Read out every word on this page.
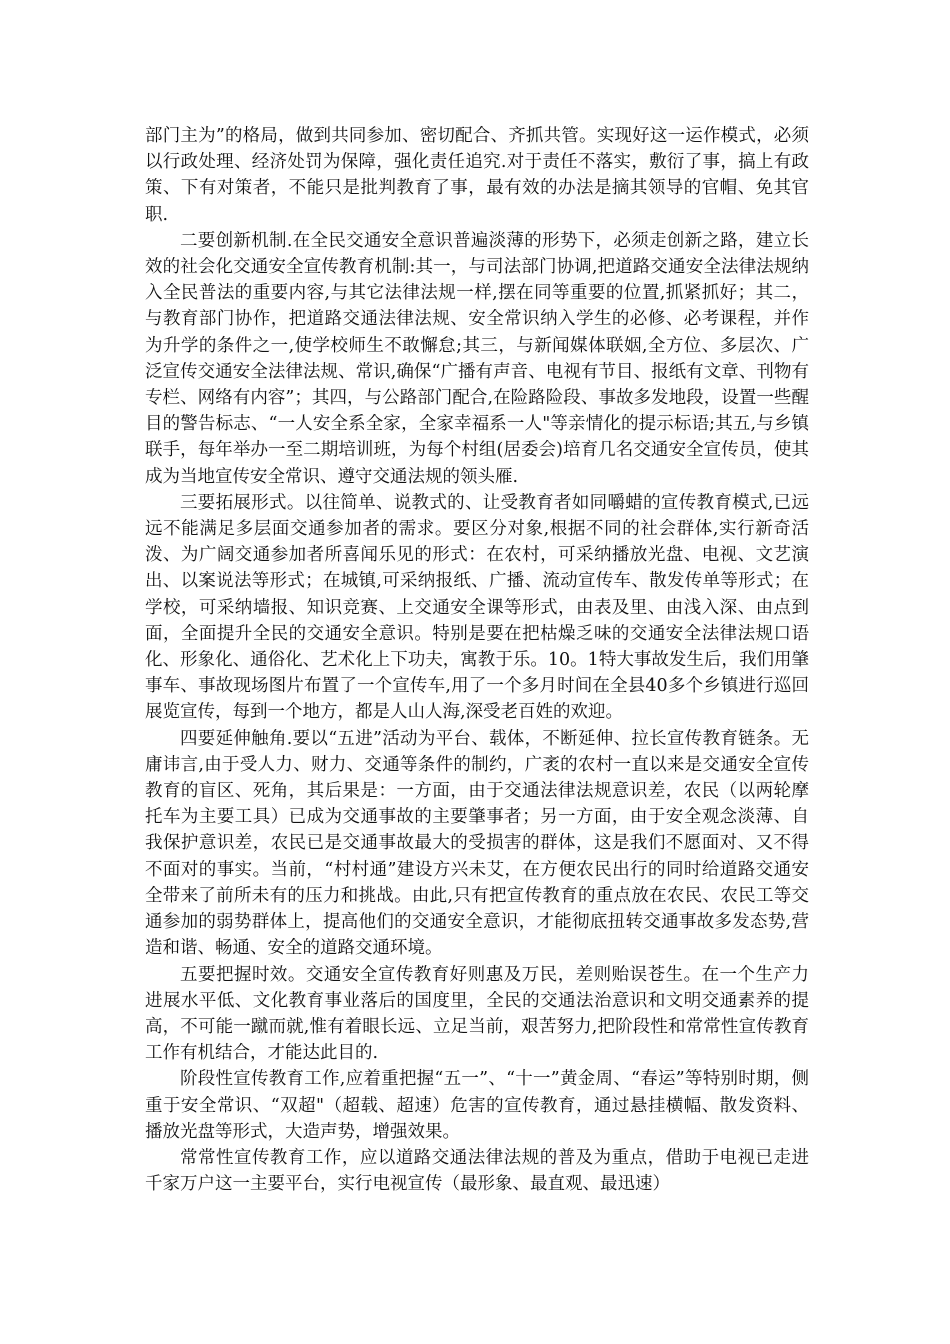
部门主为”的格局，做到共同参加、密切配合、齐抓共管。实现好这一运作模式，必须以行政处理、经济处罚为保障，强化责任追究.对于责任不落实，敷衍了事，搞上有政策、下有对策者，不能只是批判教育了事，最有效的办法是摘其领导的官帽、免其官职.

二要创新机制.在全民交通安全意识普遍淡薄的形势下，必须走创新之路，建立长效的社会化交通安全宣传教育机制:其一，与司法部门协调,把道路交通安全法律法规纳入全民普法的重要内容,与其它法律法规一样,摆在同等重要的位置,抓紧抓好；其二，与教育部门协作，把道路交通法律法规、安全常识纳入学生的必修、必考课程，并作为升学的条件之一,使学校师生不敢懈怠;其三，与新闻媒体联姻,全方位、多层次、广泛宣传交通安全法律法规、常识,确保“广播有声音、电视有节目、报纸有文章、刊物有专栏、网络有内容”；其四，与公路部门配合,在险路险段、事故多发地段，设置一些醒目的警告标志、“一人安全系全家，全家幸福系一人"等亲情化的提示标语;其五,与乡镇联手，每年举办一至二期培训班，为每个村组(居委会)培育几名交通安全宣传员，使其成为当地宣传安全常识、遵守交通法规的领头雁.

三要拓展形式。以往简单、说教式的、让受教育者如同嚼蜡的宣传教育模式,已远远不能满足多层面交通参加者的需求。要区分对象,根据不同的社会群体,实行新奇活泼、为广阔交通参加者所喜闻乐见的形式：在农村，可采纳播放光盘、电视、文艺演出、以案说法等形式；在城镇,可采纳报纸、广播、流动宣传车、散发传单等形式；在学校，可采纳墙报、知识竞赛、上交通安全课等形式，由表及里、由浅入深、由点到面，全面提升全民的交通安全意识。特别是要在把枯燥乏味的交通安全法律法规口语化、形象化、通俗化、艺术化上下功夫，寓教于乐。10。1特大事故发生后，我们用肇事车、事故现场图片布置了一个宣传车,用了一个多月时间在全县40多个乡镇进行巡回展览宣传，每到一个地方，都是人山人海,深受老百姓的欢迎。

四要延伸触角.要以“五进”活动为平台、载体，不断延伸、拉长宣传教育链条。无庸讳言,由于受人力、财力、交通等条件的制约，广袤的农村一直以来是交通安全宣传教育的盲区、死角，其后果是：一方面，由于交通法律法规意识差，农民（以两轮摩托车为主要工具）已成为交通事故的主要肇事者；另一方面，由于安全观念淡薄、自我保护意识差，农民已是交通事故最大的受损害的群体，这是我们不愿面对、又不得不面对的事实。当前，“村村通”建设方兴未艾，在方便农民出行的同时给道路交通安全带来了前所未有的压力和挑战。由此,只有把宣传教育的重点放在农民、农民工等交通参加的弱势群体上，提高他们的交通安全意识，才能彻底扭转交通事故多发态势,营造和谐、畅通、安全的道路交通环境。

五要把握时效。交通安全宣传教育好则惠及万民，差则贻误苍生。在一个生产力进展水平低、文化教育事业落后的国度里，全民的交通法治意识和文明交通素养的提高，不可能一蹴而就,惟有着眼长远、立足当前，艰苦努力,把阶段性和常常性宣传教育工作有机结合，才能达此目的.

阶段性宣传教育工作,应着重把握“五一”、“十一”黄金周、“春运”等特别时期，侧重于安全常识、“双超"（超载、超速）危害的宣传教育，通过悬挂横幅、散发资料、播放光盘等形式，大造声势，增强效果。

常常性宣传教育工作，应以道路交通法律法规的普及为重点，借助于电视已走进千家万户这一主要平台，实行电视宣传（最形象、最直观、最迅速）
